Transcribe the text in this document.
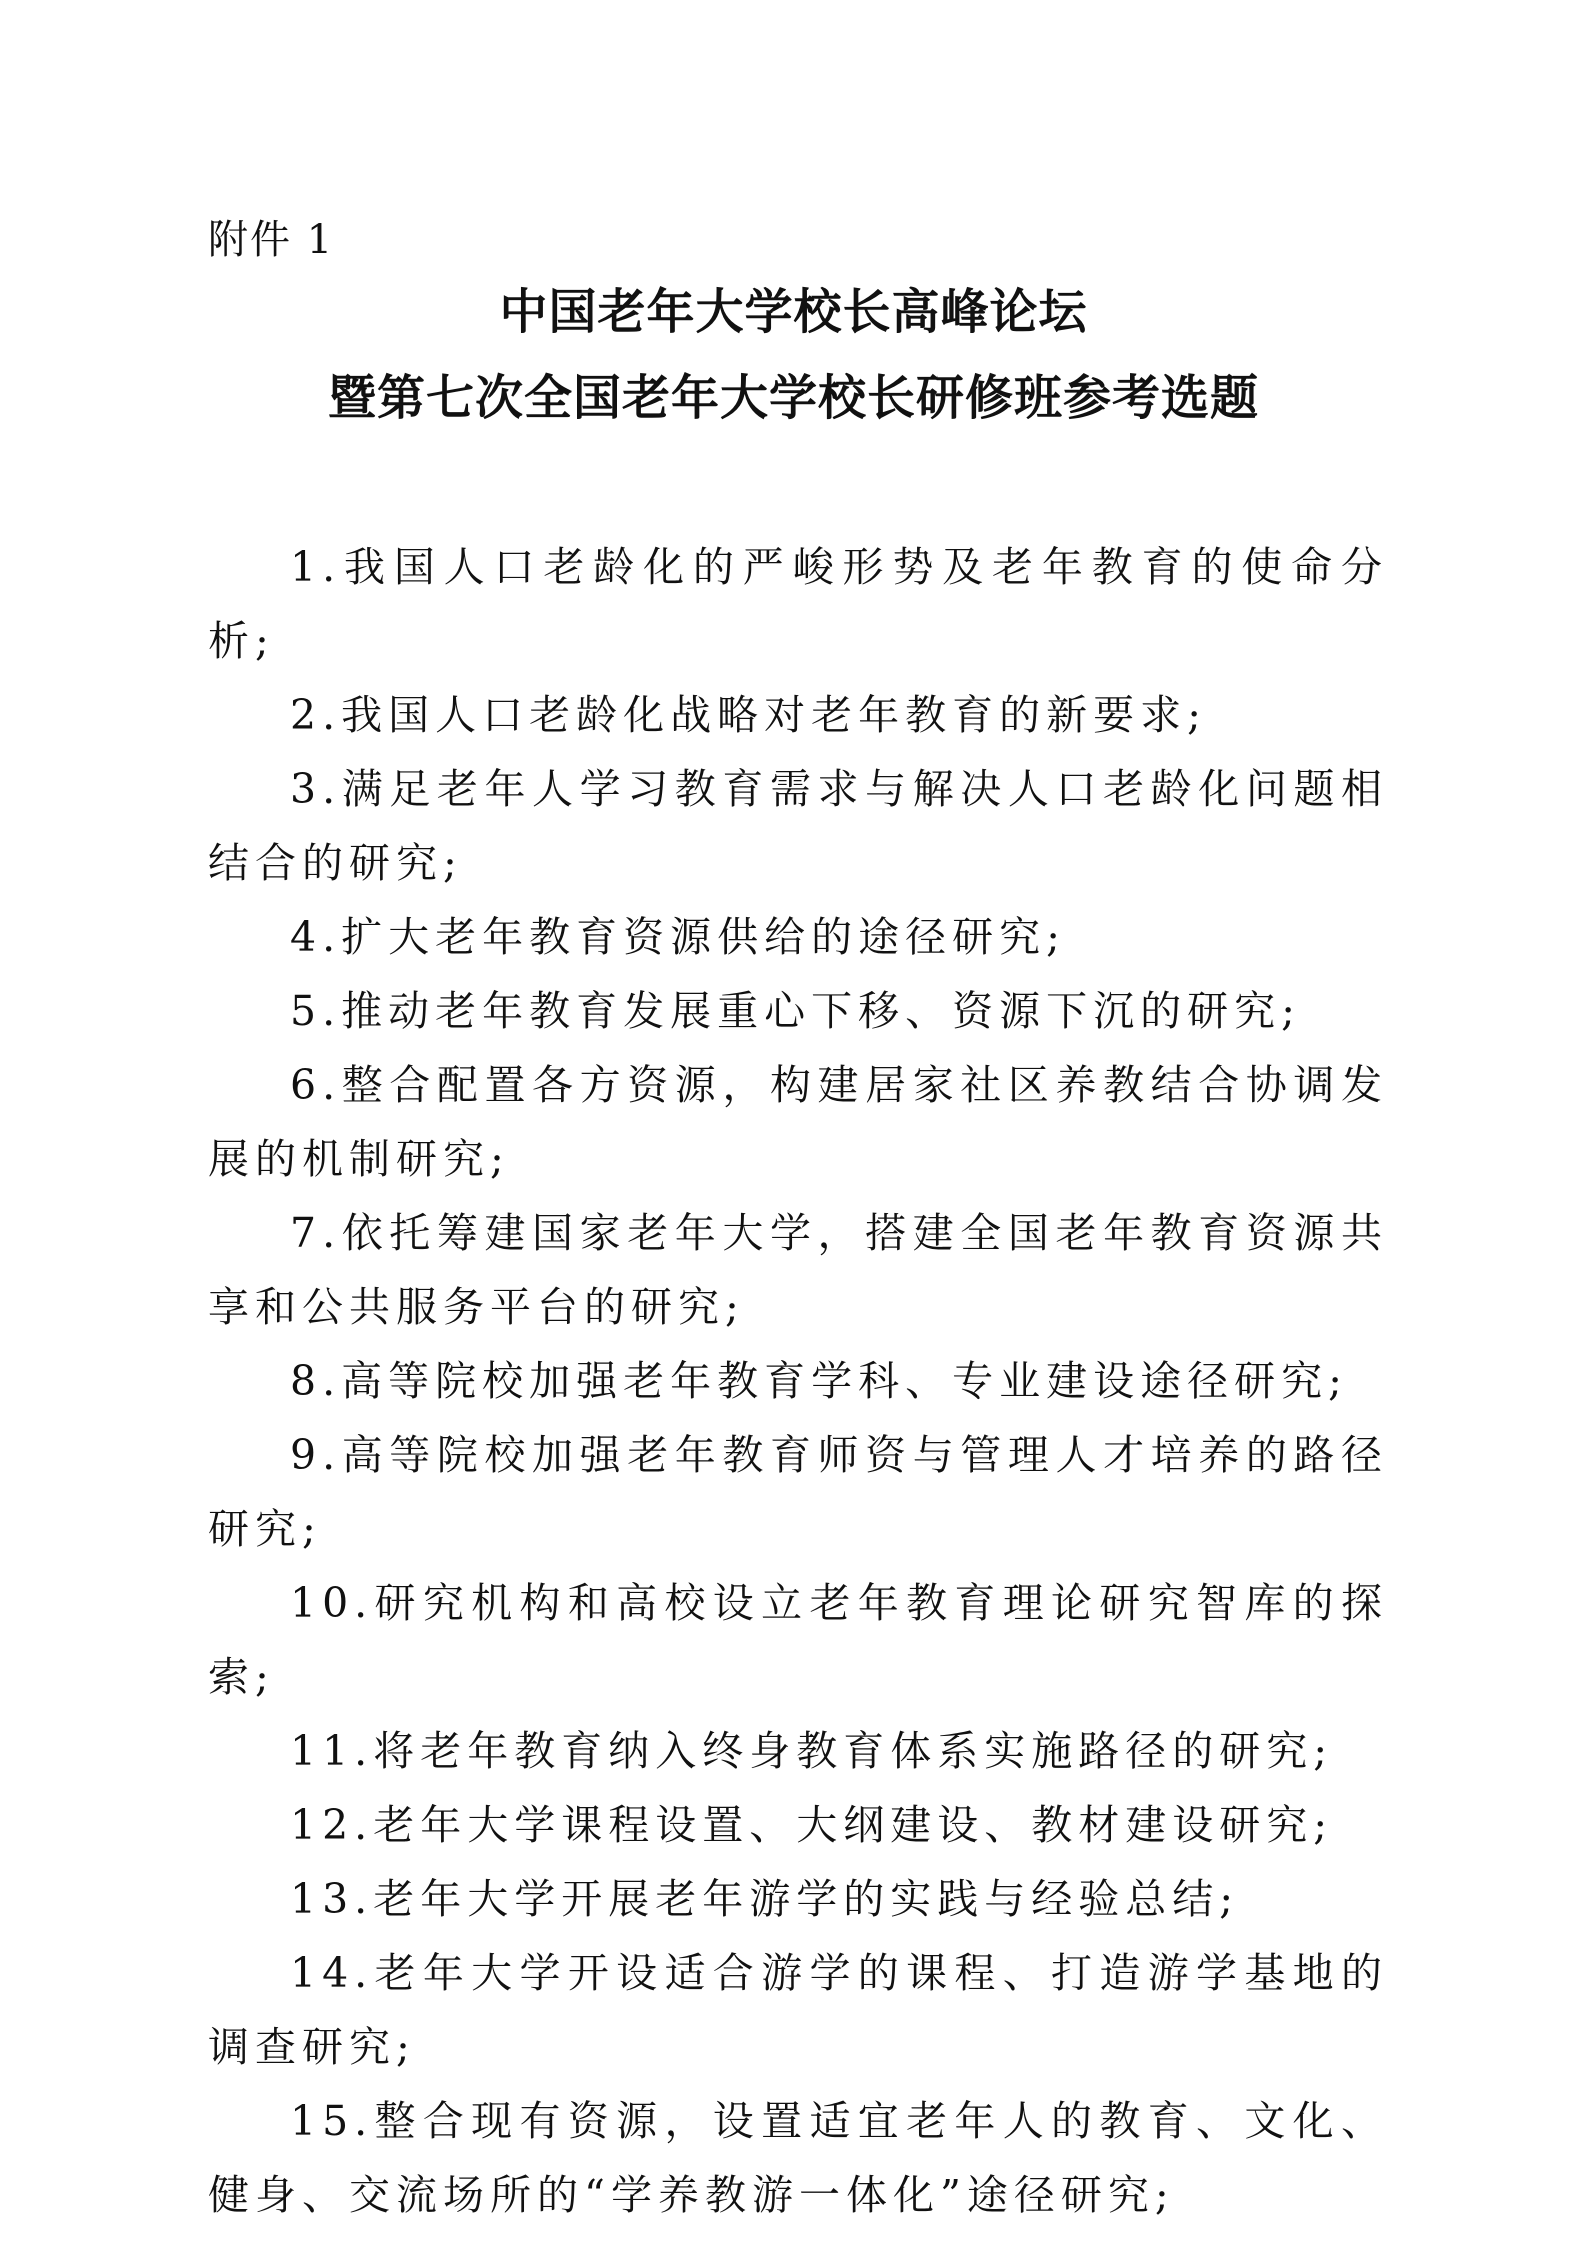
附件 1
中国老年大学校长高峰论坛
暨第七次全国老年大学校长研修班参考选题

1.我国人口老龄化的严峻形势及老年教育的使命分析;

2.我国人口老龄化战略对老年教育的新要求;

3.满足老年人学习教育需求与解决人口老龄化问题相结合的研究;

4.扩大老年教育资源供给的途径研究;

5.推动老年教育发展重心下移、资源下沉的研究;

6.整合配置各方资源，构建居家社区养教结合协调发展的机制研究;

7.依托筹建国家老年大学，搭建全国老年教育资源共享和公共服务平台的研究;

8.高等院校加强老年教育学科、专业建设途径研究;

9.高等院校加强老年教育师资与管理人才培养的路径研究;

10.研究机构和高校设立老年教育理论研究智库的探索;

11.将老年教育纳入终身教育体系实施路径的研究;

12.老年大学课程设置、大纲建设、教材建设研究;

13.老年大学开展老年游学的实践与经验总结;

14.老年大学开设适合游学的课程、打造游学基地的调查研究;

15.整合现有资源，设置适宜老年人的教育、文化、健身、交流场所的“学养教游一体化”途径研究;
